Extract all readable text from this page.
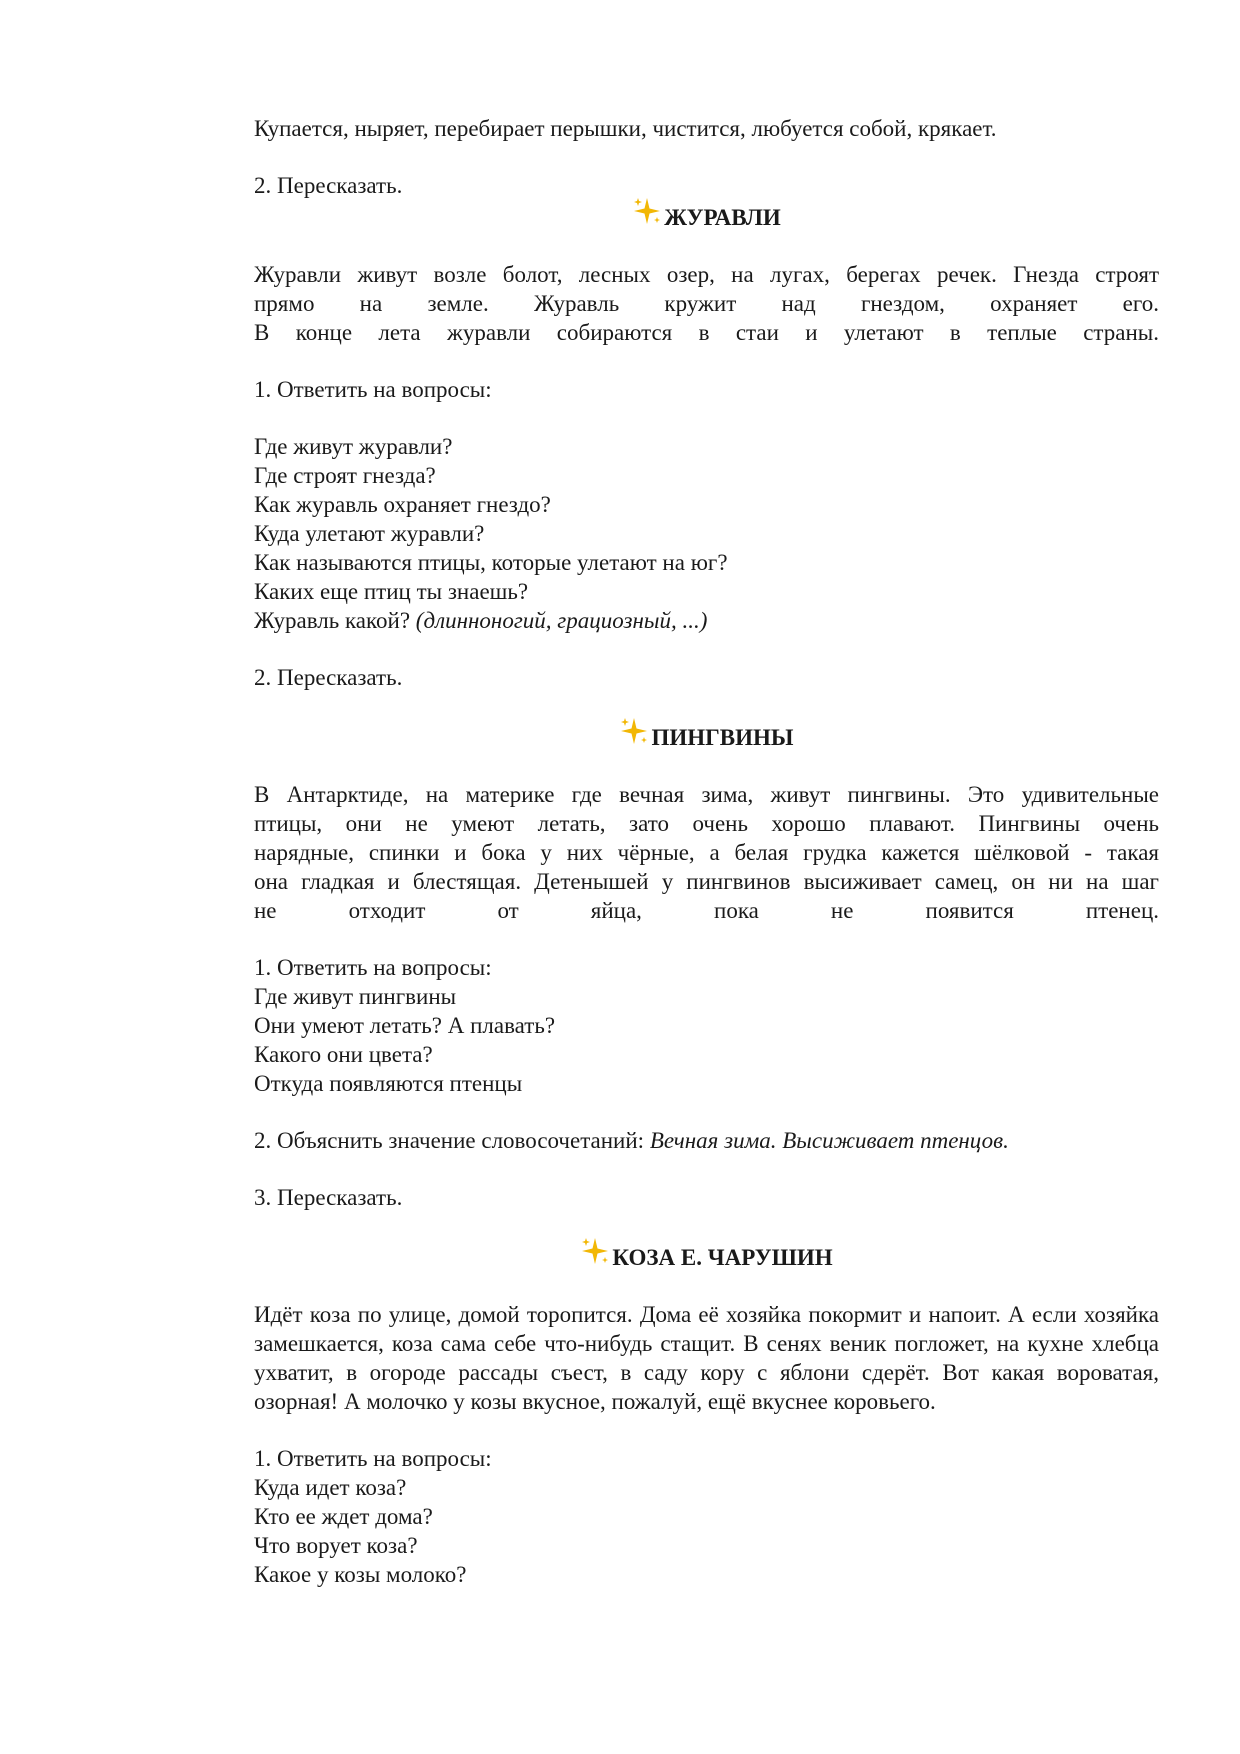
Купается, ныряет, перебирает перышки, чистится, любуется собой, крякает.

2. Пересказать.

ЖУРАВЛИ

Журавли живут возле болот, лесных озер, на лугах, берегах речек. Гнезда строят

прямо на земле. Журавль кружит над гнездом, охраняет его.

В конце лета журавли собираются в стаи и улетают в теплые страны.

1. Ответить на вопросы:

Где живут журавли?

Где строят гнезда?

Как журавль охраняет гнездо?

Куда улетают журавли?

Как называются птицы, которые улетают на юг?

Каких еще птиц ты знаешь?

Журавль какой? (длинноногий, грациозный, ...)

2. Пересказать.

ПИНГВИНЫ

В Антарктиде, на материке где вечная зима, живут пингвины. Это удивительные

птицы, они не умеют летать, зато очень хорошо плавают. Пингвины очень

нарядные, спинки и бока у них чёрные, а белая грудка кажется шёлковой - такая

она гладкая и блестящая. Детенышей у пингвинов высиживает самец, он ни на шаг

не отходит от яйца, пока не появится птенец.

1. Ответить на вопросы:

Где живут пингвины

Они умеют летать? А плавать?

Какого они цвета?

Откуда появляются птенцы

2. Объяснить значение словосочетаний: Вечная зима. Высиживает птенцов.

3. Пересказать.

КОЗА Е. ЧАРУШИН

Идёт коза по улице, домой торопится. Дома её хозяйка покормит и напоит. А если хозяйка замешкается, коза сама себе что-нибудь стащит. В сенях веник погложет, на кухне хлебца ухватит, в огороде рассады съест, в саду кору с яблони сдерёт. Вот какая вороватая, озорная! А молочко у козы вкусное, пожалуй, ещё вкуснее коровьего.

1. Ответить на вопросы:

Куда идет коза?

Кто ее ждет дома?

Что ворует коза?

Какое у козы молоко?
